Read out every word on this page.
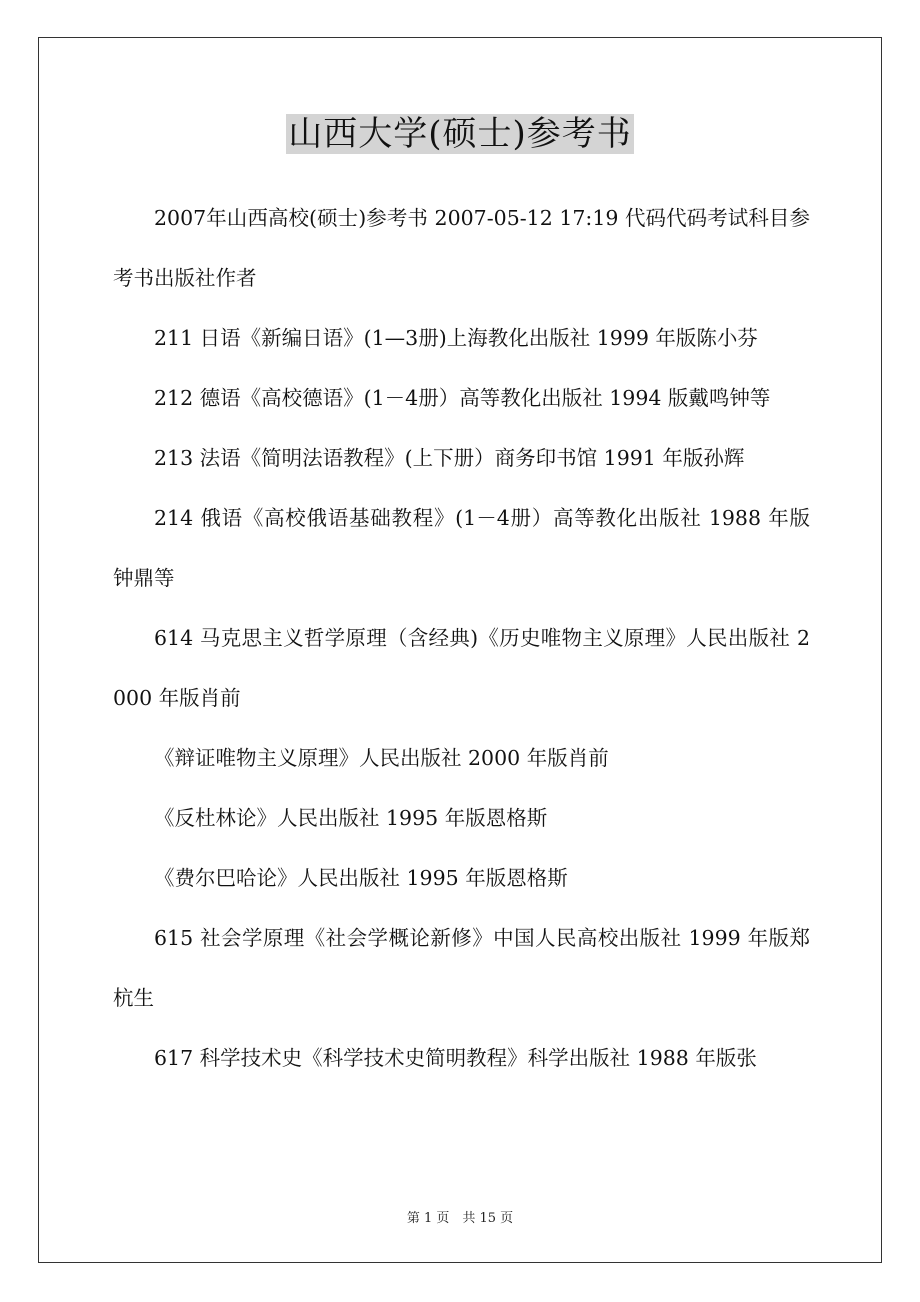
山西大学(硕士)参考书

2007年山西高校(硕士)参考书 2007-05-12 17:19 代码代码考试科目参考书出版社作者

211 日语《新编日语》(1—3册)上海教化出版社 1999 年版陈小芬

212 德语《高校德语》(1－4册）高等教化出版社 1994 版戴鸣钟等

213 法语《简明法语教程》(上下册）商务印书馆 1991 年版孙辉

214 俄语《高校俄语基础教程》(1－4册）高等教化出版社 1988 年版钟鼎等

614 马克思主义哲学原理（含经典)《历史唯物主义原理》人民出版社 2000 年版肖前

《辩证唯物主义原理》人民出版社 2000 年版肖前

《反杜林论》人民出版社 1995 年版恩格斯

《费尔巴哈论》人民出版社 1995 年版恩格斯

615 社会学原理《社会学概论新修》中国人民高校出版社 1999 年版郑杭生

617 科学技术史《科学技术史简明教程》科学出版社 1988 年版张

第 1 页　共 15 页
